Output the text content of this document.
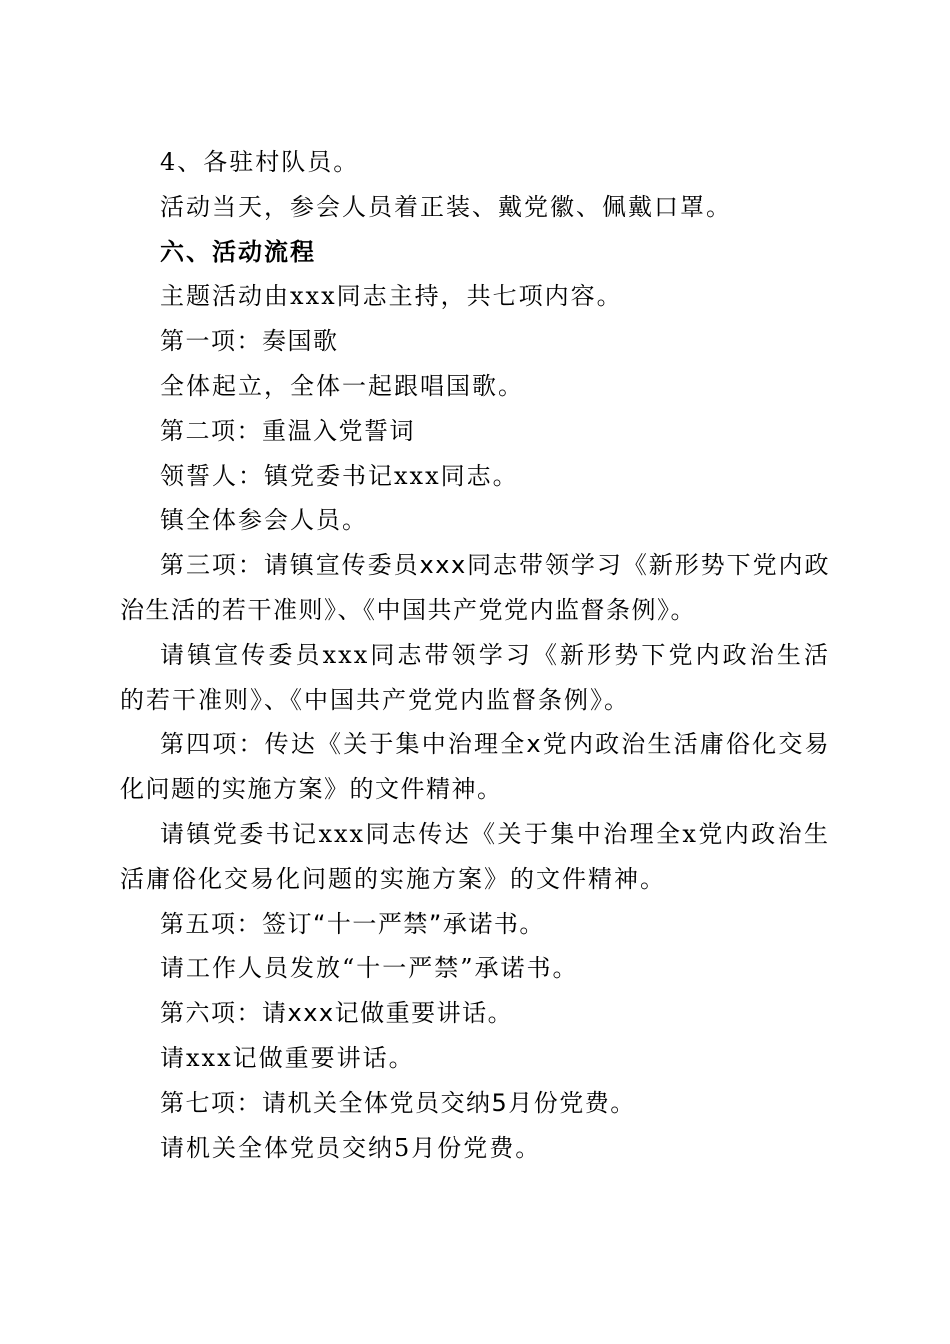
4、各驻村队员。

活动当天，参会人员着正装、戴党徽、佩戴口罩。

六、活动流程

主题活动由xxx同志主持，共七项内容。

第一项：奏国歌

全体起立，全体一起跟唱国歌。

第二项：重温入党誓词

领誓人：镇党委书记xxx同志。

镇全体参会人员。

第三项：请镇宣传委员xxx同志带领学习《新形势下党内政治生活的若干准则》、《中国共产党党内监督条例》。

请镇宣传委员xxx同志带领学习《新形势下党内政治生活的若干准则》、《中国共产党党内监督条例》。

第四项：传达《关于集中治理全x党内政治生活庸俗化交易化问题的实施方案》的文件精神。

请镇党委书记xxx同志传达《关于集中治理全x党内政治生活庸俗化交易化问题的实施方案》的文件精神。

第五项：签订“十一严禁”承诺书。

请工作人员发放“十一严禁”承诺书。

第六项：请xxx记做重要讲话。

请xxx记做重要讲话。

第七项：请机关全体党员交纳5月份党费。

请机关全体党员交纳5月份党费。
